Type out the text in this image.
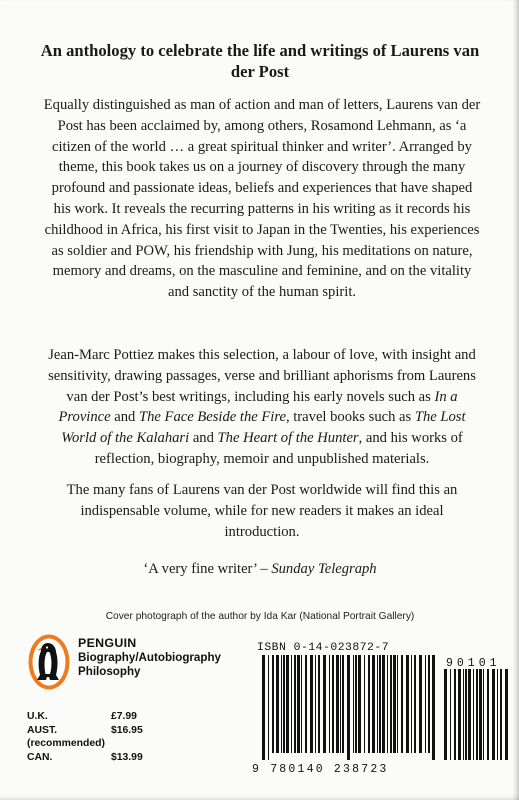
An anthology to celebrate the life and writings of Laurens van der Post
Equally distinguished as man of action and man of letters, Laurens van der Post has been acclaimed by, among others, Rosamond Lehmann, as ‘a citizen of the world … a great spiritual thinker and writer’. Arranged by theme, this book takes us on a journey of discovery through the many profound and passionate ideas, beliefs and experiences that have shaped his work. It reveals the recurring patterns in his writing as it records his childhood in Africa, his first visit to Japan in the Twenties, his experiences as soldier and POW, his friendship with Jung, his meditations on nature, memory and dreams, on the masculine and feminine, and on the vitality and sanctity of the human spirit.
Jean-Marc Pottiez makes this selection, a labour of love, with insight and sensitivity, drawing passages, verse and brilliant aphorisms from Laurens van der Post’s best writings, including his early novels such as In a Province and The Face Beside the Fire, travel books such as The Lost World of the Kalahari and The Heart of the Hunter, and his works of reflection, biography, memoir and unpublished materials.
The many fans of Laurens van der Post worldwide will find this an indispensable volume, while for new readers it makes an ideal introduction.
‘A very fine writer’ – Sunday Telegraph
Cover photograph of the author by Ida Kar (National Portrait Gallery)
PENGUIN
Biography/Autobiography
Philosophy
U.K.	£7.99
AUST.	$16.95
(recommended)	
CAN.	$13.99
ISBN 0-14-023872-7
90101
9 780140 238723
